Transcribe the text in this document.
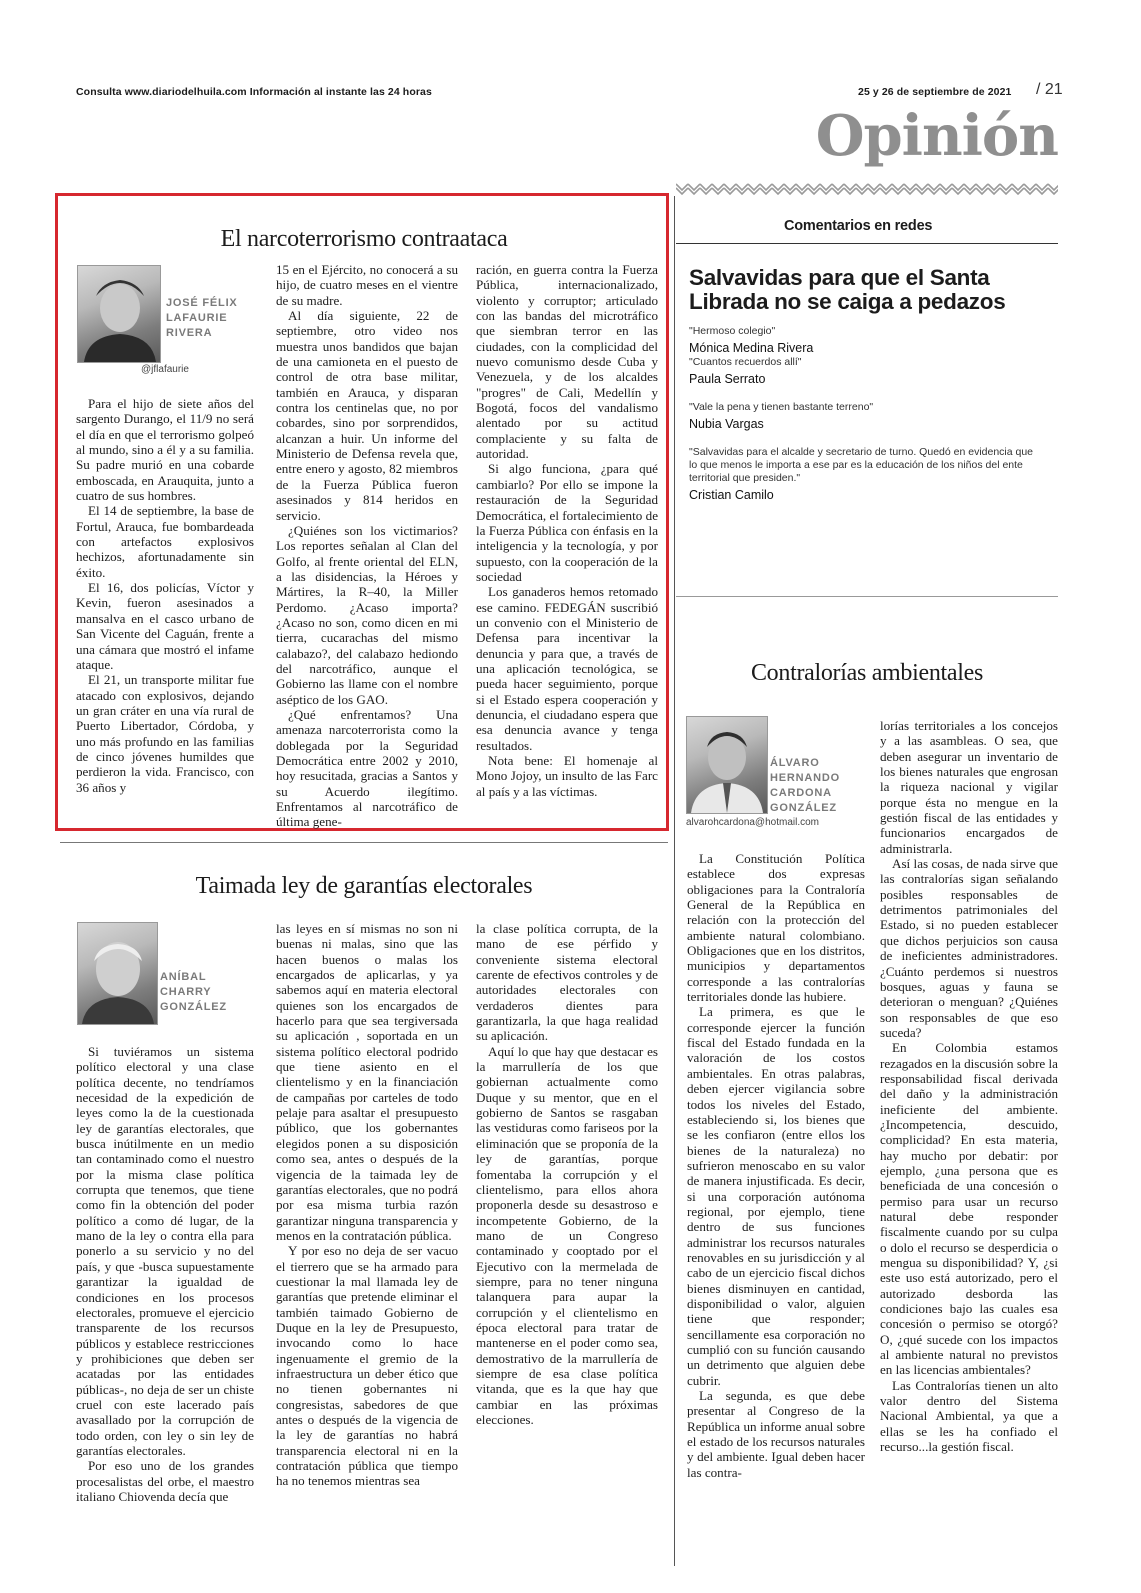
Consulta www.diariodelhuila.com Información al instante las 24 horas	25 y 26 de septiembre de 2021 / 21
Opinión
El narcoterrorismo contraataca
JOSÉ FÉLIX
LAFAURIE
RIVERA
@jflafaurie

Para el hijo de siete años del sargento Durango, el 11/9 no será el día en que el terrorismo golpeó al mundo, sino a él y a su familia. Su padre murió en una cobarde emboscada, en Arauquita, junto a cuatro de sus hombres.

El 14 de septiembre, la base de Fortul, Arauca, fue bombardeada con artefactos explosivos hechizos, afortunadamente sin éxito.

El 16, dos policías, Víctor y Kevin, fueron asesinados a mansalva en el casco urbano de San Vicente del Caguán, frente a una cámara que mostró el infame ataque.

El 21, un transporte militar fue atacado con explosivos, dejando un gran cráter en una vía rural de Puerto Libertador, Córdoba, y uno más profundo en las familias de cinco jóvenes humildes que perdieron la vida. Francisco, con 36 años y

15 en el Ejército, no conocerá a su hijo, de cuatro meses en el vientre de su madre.

Al día siguiente, 22 de septiembre, otro video nos muestra unos bandidos que bajan de una camioneta en el puesto de control de otra base militar, también en Arauca, y disparan contra los centinelas que, no por cobardes, sino por sorprendidos, alcanzan a huir. Un informe del Ministerio de Defensa revela que, entre enero y agosto, 82 miembros de la Fuerza Pública fueron asesinados y 814 heridos en servicio.

¿Quiénes son los victimarios? Los reportes señalan al Clan del Golfo, al frente oriental del ELN, a las disidencias, la Héroes y Mártires, la R–40, la Miller Perdomo. ¿Acaso importa? ¿Acaso no son, como dicen en mi tierra, cucarachas del mismo calabazo?, del calabazo hediondo del narcotráfico, aunque el Gobierno las llame con el nombre aséptico de los GAO.

¿Qué enfrentamos? Una amenaza narcoterrorista como la doblegada por la Seguridad Democrática entre 2002 y 2010, hoy resucitada, gracias a Santos y su Acuerdo ilegítimo. Enfrentamos al narcotráfico de última gene-

ración, en guerra contra la Fuerza Pública, internacionalizado, violento y corruptor; articulado con las bandas del microtráfico que siembran terror en las ciudades, con la complicidad del nuevo comunismo desde Cuba y Venezuela, y de los alcaldes "progres" de Cali, Medellín y Bogotá, focos del vandalismo alentado por su actitud complaciente y su falta de autoridad.

Si algo funciona, ¿para qué cambiarlo? Por ello se impone la restauración de la Seguridad Democrática, el fortalecimiento de la Fuerza Pública con énfasis en la inteligencia y la tecnología, y por supuesto, con la cooperación de la sociedad

Los ganaderos hemos retomado ese camino. FEDEGÁN suscribió un convenio con el Ministerio de Defensa para incentivar la denuncia y para que, a través de una aplicación tecnológica, se pueda hacer seguimiento, porque si el Estado espera cooperación y denuncia, el ciudadano espera que esa denuncia avance y tenga resultados.

Nota bene: El homenaje al Mono Jojoy, un insulto de las Farc al país y a las víctimas.

Comentarios en redes
Salvavidas para que el Santa Librada no se caiga a pedazos
"Hermoso colegio"
Mónica Medina Rivera
"Cuantos recuerdos allí"
Paula Serrato
"Vale la pena y tienen bastante terreno"
Nubia Vargas
"Salvavidas para el alcalde y secretario de turno. Quedó en evidencia que lo que menos le importa a ese par es la educación de los niños del ente territorial que presiden."
Cristian Camilo
Contralorías ambientales
ÁLVARO
HERNANDO
CARDONA
GONZÁLEZ
alvarohcardona@hotmail.com

La Constitución Política establece dos expresas obligaciones para la Contraloría General de la República en relación con la protección del ambiente natural colombiano. Obligaciones que en los distritos, municipios y departamentos corresponde a las contralorías territoriales donde las hubiere.

La primera, es que le corresponde ejercer la función fiscal del Estado fundada en la valoración de los costos ambientales. En otras palabras, deben ejercer vigilancia sobre todos los niveles del Estado, estableciendo si, los bienes que se les confiaron (entre ellos los bienes de la naturaleza) no sufrieron menoscabo en su valor de manera injustificada. Es decir, si una corporación autónoma regional, por ejemplo, tiene dentro de sus funciones administrar los recursos naturales renovables en su jurisdicción y al cabo de un ejercicio fiscal dichos bienes disminuyen en cantidad, disponibilidad o valor, alguien tiene que responder; sencillamente esa corporación no cumplió con su función causando un detrimento que alguien debe cubrir.

La segunda, es que debe presentar al Congreso de la República un informe anual sobre el estado de los recursos naturales y del ambiente. Igual deben hacer las contra-

lorías territoriales a los concejos y a las asambleas. O sea, que deben asegurar un inventario de los bienes naturales que engrosan la riqueza nacional y vigilar porque ésta no mengue en la gestión fiscal de las entidades y funcionarios encargados de administrarla.

Así las cosas, de nada sirve que las contralorías sigan señalando posibles responsables de detrimentos patrimoniales del Estado, si no pueden establecer que dichos perjuicios son causa de ineficientes administradores. ¿Cuánto perdemos si nuestros bosques, aguas y fauna se deterioran o menguan? ¿Quiénes son responsables de que eso suceda?

En Colombia estamos rezagados en la discusión sobre la responsabilidad fiscal derivada del daño y la administración ineficiente del ambiente. ¿Incompetencia, descuido, complicidad? En esta materia, hay mucho por debatir: por ejemplo, ¿una persona que es beneficiada de una concesión o permiso para usar un recurso natural debe responder fiscalmente cuando por su culpa o dolo el recurso se desperdicia o mengua su disponibilidad? Y, ¿si este uso está autorizado, pero el autorizado desborda las condiciones bajo las cuales esa concesión o permiso se otorgó? O, ¿qué sucede con los impactos al ambiente natural no previstos en las licencias ambientales?

Las Contralorías tienen un alto valor dentro del Sistema Nacional Ambiental, ya que a ellas se les ha confiado el recurso...la gestión fiscal.

Taimada ley de garantías electorales
ANÍBAL
CHARRY
GONZÁLEZ

Si tuviéramos un sistema político electoral y una clase política decente, no tendríamos necesidad de la expedición de leyes como la de la cuestionada ley de garantías electorales, que busca inútilmente en un medio tan contaminado como el nuestro por la misma clase política corrupta que tenemos, que tiene como fin la obtención del poder político a como dé lugar, de la mano de la ley o contra ella para ponerlo a su servicio y no del país, y que -busca supuestamente garantizar la igualdad de condiciones en los procesos electorales, promueve el ejercicio transparente de los recursos públicos y establece restricciones y prohibiciones que deben ser acatadas por las entidades públicas-, no deja de ser un chiste cruel con este lacerado país avasallado por la corrupción de todo orden, con ley o sin ley de garantías electorales.

Por eso uno de los grandes procesalistas del orbe, el maestro italiano Chiovenda decía que

las leyes en sí mismas no son ni buenas ni malas, sino que las hacen buenos o malas los encargados de aplicarlas, y ya sabemos aquí en materia electoral quienes son los encargados de hacerlo para que sea tergiversada su aplicación , soportada en un sistema político electoral podrido que tiene asiento en el clientelismo y en la financiación de campañas por carteles de todo pelaje para asaltar el presupuesto público, que los gobernantes elegidos ponen a su disposición como sea, antes o después de la vigencia de la taimada ley de garantías electorales, que no podrá por esa misma turbia razón garantizar ninguna transparencia y menos en la contratación pública.

Y por eso no deja de ser vacuo el tierrero que se ha armado para cuestionar la mal llamada ley de garantías que pretende eliminar el también taimado Gobierno de Duque en la ley de Presupuesto, invocando como lo hace ingenuamente el gremio de la infraestructura un deber ético que no tienen gobernantes ni congresistas, sabedores de que antes o después de la vigencia de la ley de garantías no habrá transparencia electoral ni en la contratación pública que tiempo ha no tenemos mientras sea

la clase política corrupta, de la mano de ese pérfido y conveniente sistema electoral carente de efectivos controles y de autoridades electorales con verdaderos dientes para garantizarla, la que haga realidad su aplicación.

Aquí lo que hay que destacar es la marrullería de los que gobiernan actualmente como Duque y su mentor, que en el gobierno de Santos se rasgaban las vestiduras como fariseos por la eliminación que se proponía de la ley de garantías, porque fomentaba la corrupción y el clientelismo, para ellos ahora proponerla desde su desastroso e incompetente Gobierno, de la mano de un Congreso contaminado y cooptado por el Ejecutivo con la mermelada de siempre, para no tener ninguna talanquera para aupar la corrupción y el clientelismo en época electoral para tratar de mantenerse en el poder como sea, demostrativo de la marrullería de siempre de esa clase política vitanda, que es la que hay que cambiar en las próximas elecciones.
